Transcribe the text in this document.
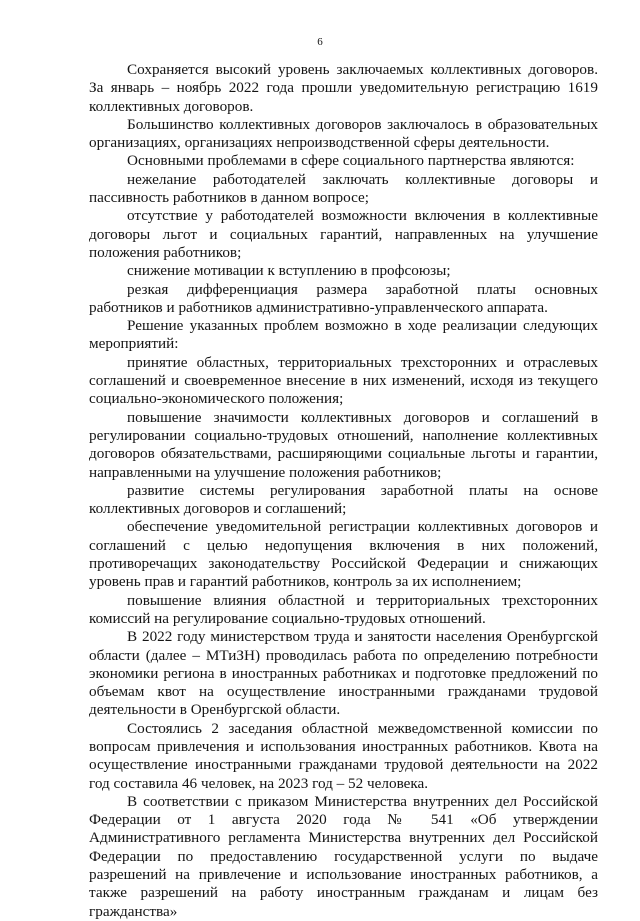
6

Сохраняется высокий уровень заключаемых коллективных договоров. За январь – ноябрь 2022 года прошли уведомительную регистрацию 1619 коллективных договоров.

Большинство коллективных договоров заключалось в образовательных организациях, организациях непроизводственной сферы деятельности.

Основными проблемами в сфере социального партнерства являются:

нежелание работодателей заключать коллективные договоры и пассивность работников в данном вопросе;

отсутствие у работодателей возможности включения в коллективные договоры льгот и социальных гарантий, направленных на улучшение положения работников;

снижение мотивации к вступлению в профсоюзы;

резкая дифференциация размера заработной платы основных работников и работников административно-управленческого аппарата.

Решение указанных проблем возможно в ходе реализации следующих мероприятий:

принятие областных, территориальных трехсторонних и отраслевых соглашений и своевременное внесение в них изменений, исходя из текущего социально-экономического положения;

повышение значимости коллективных договоров и соглашений в регулировании социально-трудовых отношений, наполнение коллективных договоров обязательствами, расширяющими социальные льготы и гарантии, направленными на улучшение положения работников;

развитие системы регулирования заработной платы на основе коллективных договоров и соглашений;

обеспечение уведомительной регистрации коллективных договоров и соглашений с целью недопущения включения в них положений, противоречащих законодательству Российской Федерации и снижающих уровень прав и гарантий работников, контроль за их исполнением;

повышение влияния областной и территориальных трехсторонних комиссий на регулирование социально-трудовых отношений.

В 2022 году министерством труда и занятости населения Оренбургской области (далее – МТиЗН) проводилась работа по определению потребности экономики региона в иностранных работниках и подготовке предложений по объемам квот на осуществление иностранными гражданами трудовой деятельности в Оренбургской области.

Состоялись 2 заседания областной межведомственной комиссии по вопросам привлечения и использования иностранных работников. Квота на осуществление иностранными гражданами трудовой деятельности на 2022 год составила 46 человек, на 2023 год – 52 человека.

В соответствии с приказом Министерства внутренних дел Российской Федерации от 1 августа 2020 года № 541 «Об утверждении Административного регламента Министерства внутренних дел Российской Федерации по предоставлению государственной услуги по выдаче разрешений на привлечение и использование иностранных работников, а также разрешений на работу иностранным гражданам и лицам без гражданства»
